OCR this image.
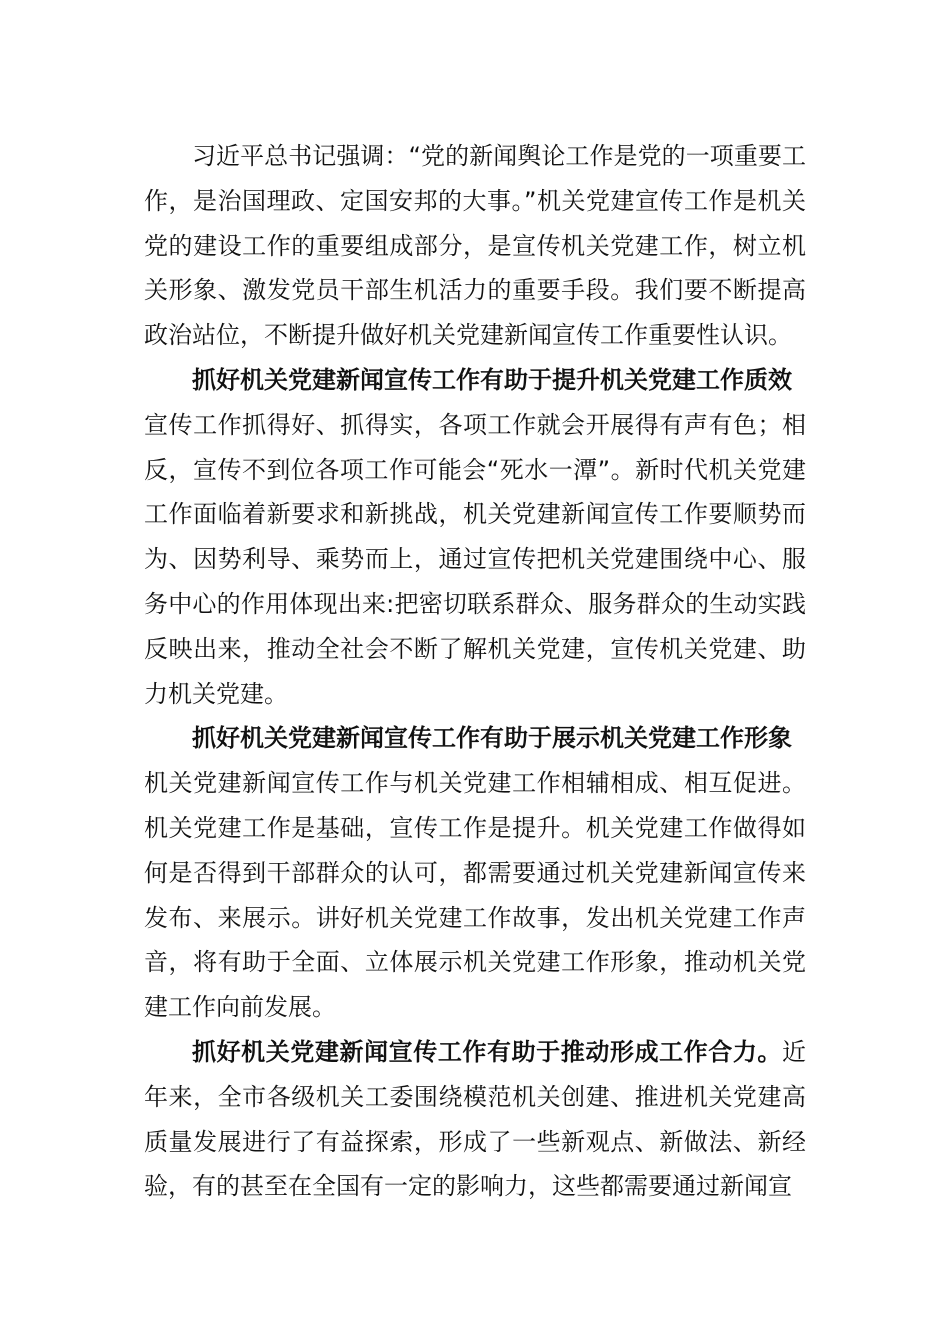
习近平总书记强调：“党的新闻舆论工作是党的一项重要工作，是治国理政、定国安邦的大事。”机关党建宣传工作是机关党的建设工作的重要组成部分，是宣传机关党建工作，树立机关形象、激发党员干部生机活力的重要手段。我们要不断提高政治站位，不断提升做好机关党建新闻宣传工作重要性认识。

抓好机关党建新闻宣传工作有助于提升机关党建工作质效

宣传工作抓得好、抓得实，各项工作就会开展得有声有色；相反，宣传不到位各项工作可能会“死水一潭”。新时代机关党建工作面临着新要求和新挑战，机关党建新闻宣传工作要顺势而为、因势利导、乘势而上，通过宣传把机关党建围绕中心、服务中心的作用体现出来:把密切联系群众、服务群众的生动实践反映出来，推动全社会不断了解机关党建，宣传机关党建、助力机关党建。

抓好机关党建新闻宣传工作有助于展示机关党建工作形象

机关党建新闻宣传工作与机关党建工作相辅相成、相互促进。机关党建工作是基础，宣传工作是提升。机关党建工作做得如何是否得到干部群众的认可，都需要通过机关党建新闻宣传来发布、来展示。讲好机关党建工作故事，发出机关党建工作声音，将有助于全面、立体展示机关党建工作形象，推动机关党建工作向前发展。

抓好机关党建新闻宣传工作有助于推动形成工作合力。近年来，全市各级机关工委围绕模范机关创建、推进机关党建高质量发展进行了有益探索，形成了一些新观点、新做法、新经验，有的甚至在全国有一定的影响力，这些都需要通过新闻宣
